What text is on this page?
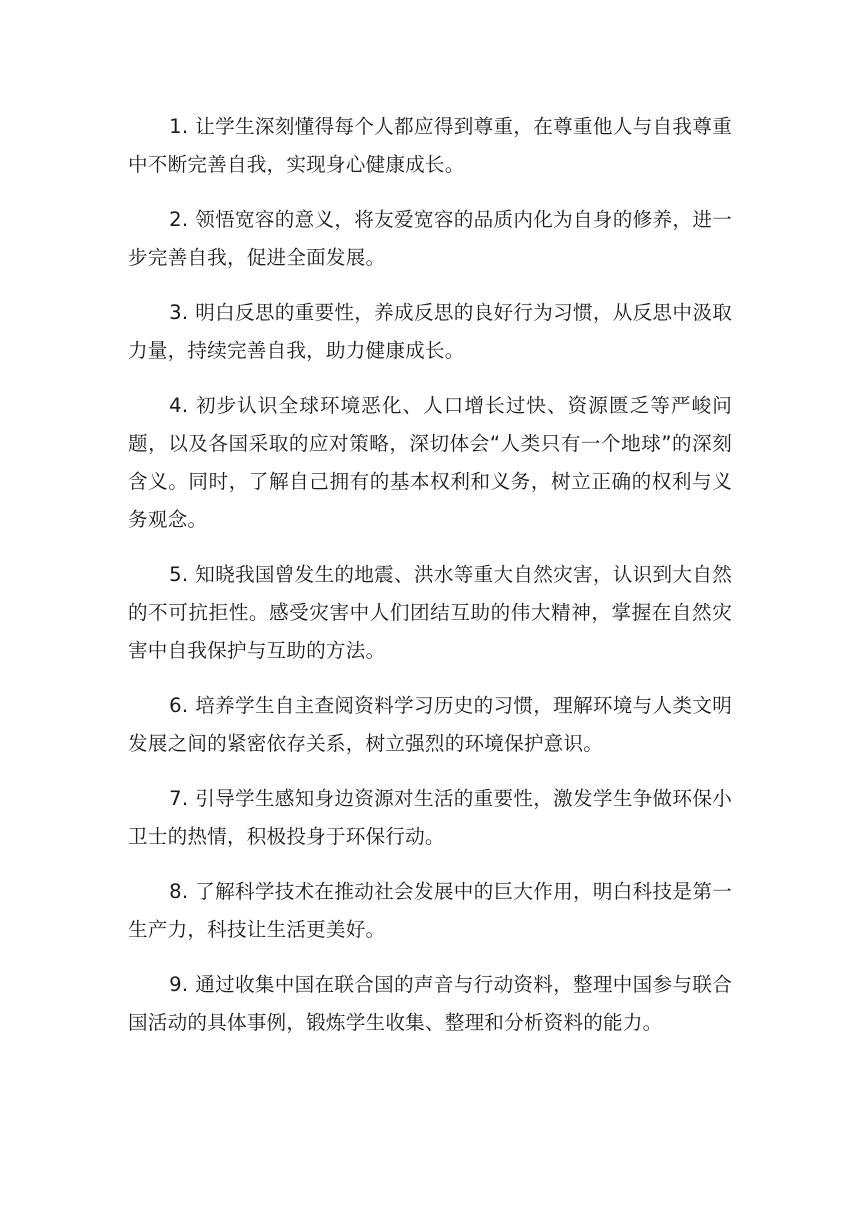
1. 让学生深刻懂得每个人都应得到尊重，在尊重他人与自我尊重中不断完善自我，实现身心健康成长。

2. 领悟宽容的意义，将友爱宽容的品质内化为自身的修养，进一步完善自我，促进全面发展。

3. 明白反思的重要性，养成反思的良好行为习惯，从反思中汲取力量，持续完善自我，助力健康成长。

4. 初步认识全球环境恶化、人口增长过快、资源匮乏等严峻问题，以及各国采取的应对策略，深切体会“人类只有一个地球”的深刻含义。同时，了解自己拥有的基本权利和义务，树立正确的权利与义务观念。

5. 知晓我国曾发生的地震、洪水等重大自然灾害，认识到大自然的不可抗拒性。感受灾害中人们团结互助的伟大精神，掌握在自然灾害中自我保护与互助的方法。

6. 培养学生自主查阅资料学习历史的习惯，理解环境与人类文明发展之间的紧密依存关系，树立强烈的环境保护意识。

7. 引导学生感知身边资源对生活的重要性，激发学生争做环保小卫士的热情，积极投身于环保行动。

8. 了解科学技术在推动社会发展中的巨大作用，明白科技是第一生产力，科技让生活更美好。

9. 通过收集中国在联合国的声音与行动资料，整理中国参与联合国活动的具体事例，锻炼学生收集、整理和分析资料的能力。
